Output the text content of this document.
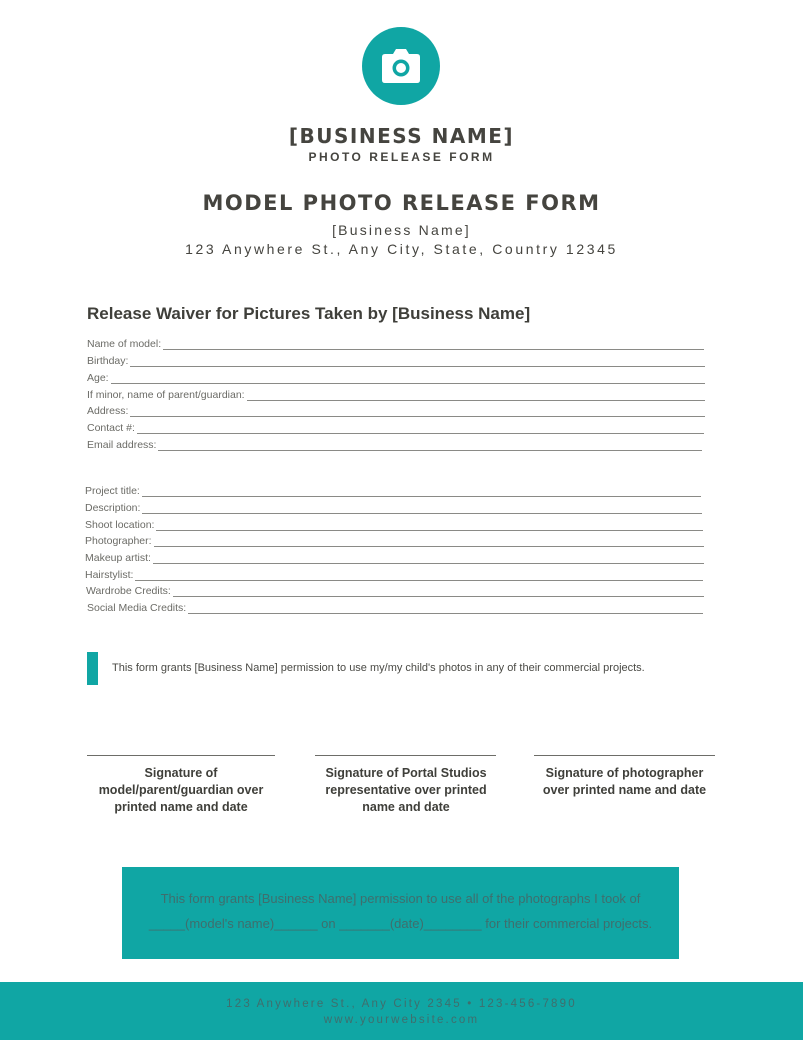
[BUSINESS NAME]
PHOTO RELEASE FORM
MODEL PHOTO RELEASE FORM
[Business Name]
123 Anywhere St., Any City, State, Country 12345
Release Waiver for Pictures Taken by [Business Name]
Name of model:
Birthday:
Age:
If minor, name of parent/guardian:
Address:
Contact #:
Email address:
Project title:
Description:
Shoot location:
Photographer:
Makeup artist:
Hairstylist:
Wardrobe Credits:
Social Media Credits:
This form grants [Business Name] permission to use my/my child's photos in any of their commercial projects.
Signature of model/parent/guardian over printed name and date
Signature of Portal Studios representative over printed name and date
Signature of photographer over printed name and date
This form grants [Business Name] permission to use all of the photographs I took of
_____(model's name)______ on _______(date)________ for their commercial projects.
123 Anywhere St., Any City 2345 • 123-456-7890
www.yourwebsite.com
